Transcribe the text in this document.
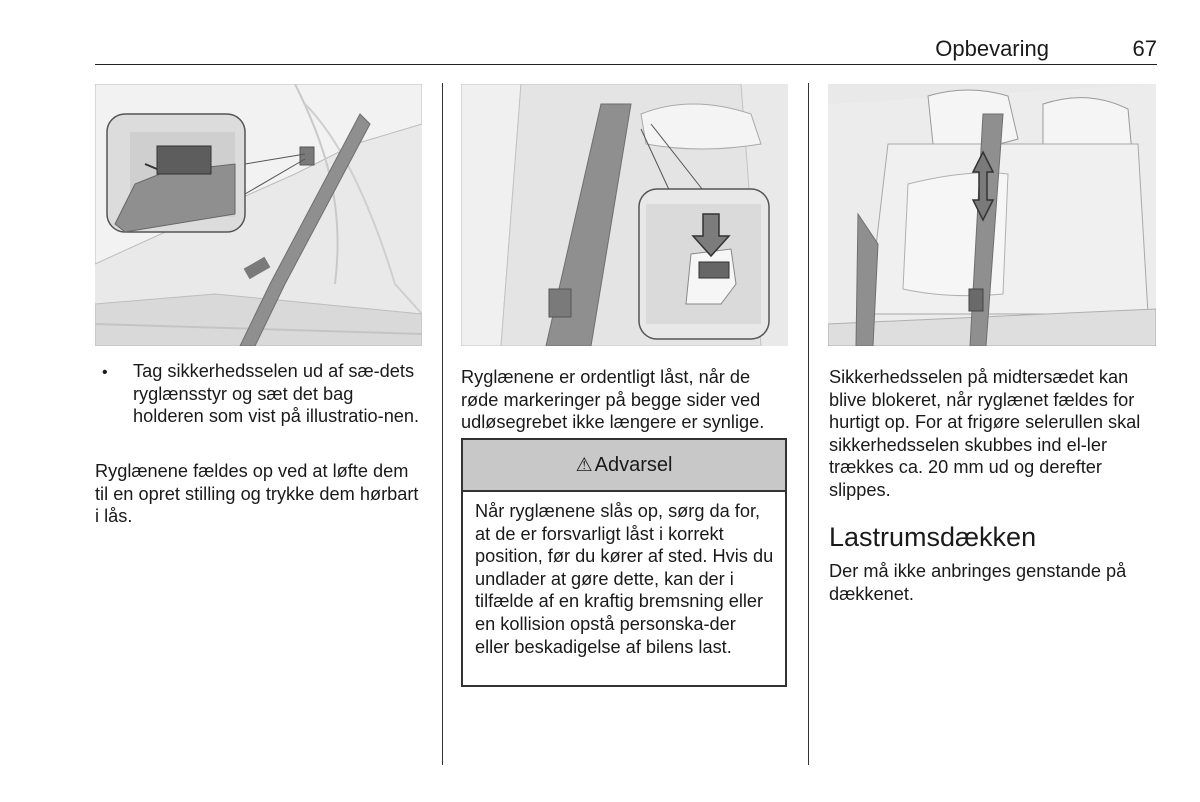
Opbevaring	67
• Tag sikkerhedsselen ud af sæ-dets ryglænsstyr og sæt det bag holderen som vist på illustratio-nen.

Ryglænene fældes op ved at løfte dem til en opret stilling og trykke dem hørbart i lås.

Ryglænene er ordentligt låst, når de røde markeringer på begge sider ved udløsegrebet ikke længere er synlige.

⚠ Advarsel
Når ryglænene slås op, sørg da for, at de er forsvarligt låst i korrekt position, før du kører af sted. Hvis du undlader at gøre dette, kan der i tilfælde af en kraftig bremsning eller en kollision opstå personska-der eller beskadigelse af bilens last.

Sikkerhedsselen på midtersædet kan blive blokeret, når ryglænet fældes for hurtigt op. For at frigøre selerullen skal sikkerhedsselen skubbes ind el-ler trækkes ca. 20 mm ud og derefter slippes.

Lastrumsdækken

Der må ikke anbringes genstande på dækkenet.
